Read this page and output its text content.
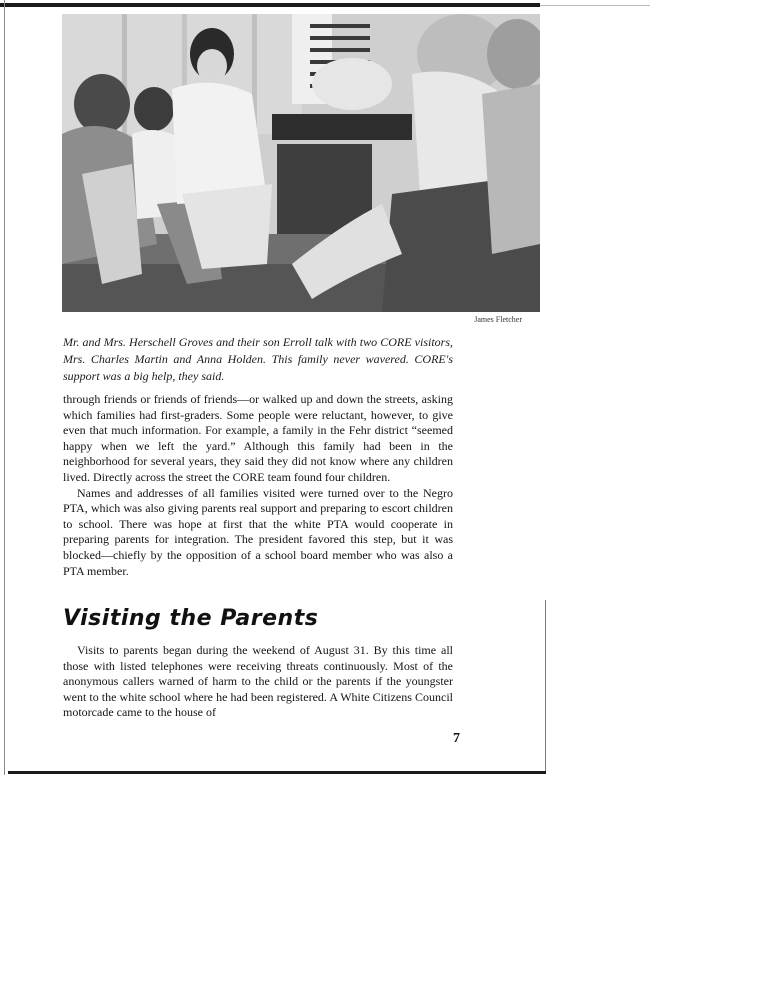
James Fletcher
Mr. and Mrs. Herschell Groves and their son Erroll talk with two CORE visitors, Mrs. Charles Martin and Anna Holden. This family never wavered. CORE's support was a big help, they said.

through friends or friends of friends—or walked up and down the streets, asking which families had first-graders. Some people were reluctant, however, to give even that much information. For example, a family in the Fehr district “seemed happy when we left the yard.” Although this family had been in the neighborhood for several years, they said they did not know where any children lived. Directly across the street the CORE team found four children.

Names and addresses of all families visited were turned over to the Negro PTA, which was also giving parents real support and preparing to escort children to school. There was hope at first that the white PTA would cooperate in preparing parents for integration. The president favored this step, but it was blocked—chiefly by the opposition of a school board member who was also a PTA member.

Visiting the Parents

Visits to parents began during the weekend of August 31. By this time all those with listed telephones were receiving threats continuously. Most of the anonymous callers warned of harm to the child or the parents if the youngster went to the white school where he had been registered. A White Citizens Council motorcade came to the house of

7
